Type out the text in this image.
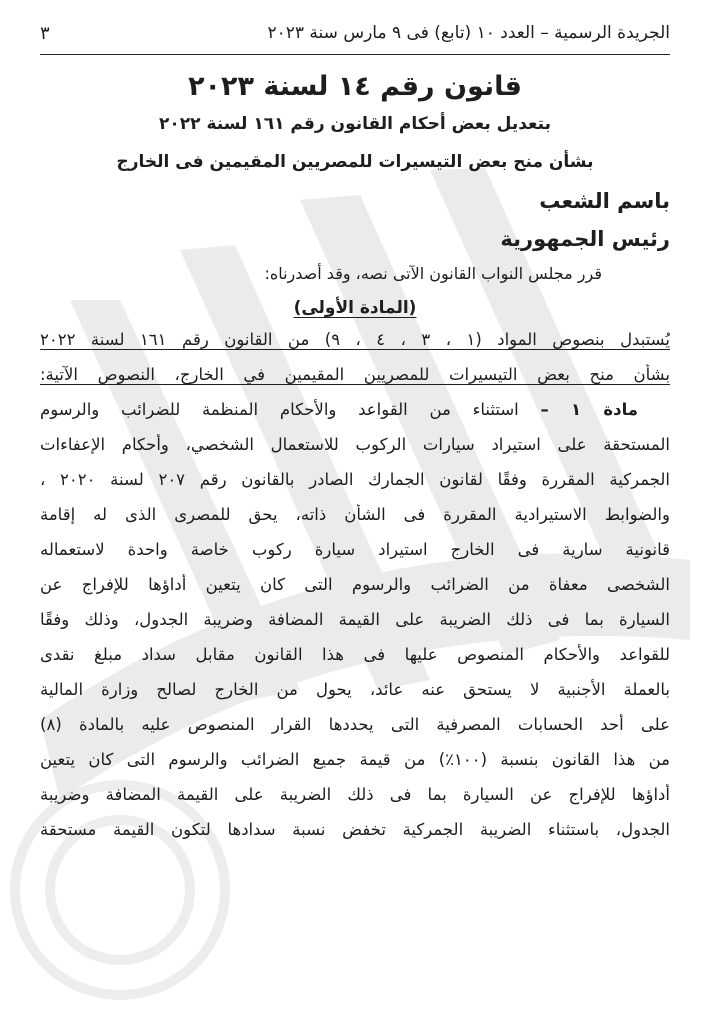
الجريدة الرسمية – العدد ١٠ (تابع) فى ٩ مارس سنة ٢٠٢٣
٣
قانون رقم ١٤ لسنة ٢٠٢٣
بتعديل بعض أحكام القانون رقم ١٦١ لسنة ٢٠٢٢
بشأن منح بعض التيسيرات للمصريين المقيمين فى الخارج
باسم الشعب
رئيس الجمهورية
قرر مجلس النواب القانون الآتى نصه، وقد أصدرناه:
(المادة الأولى)
يُستبدل بنصوص المواد (١ ، ٣ ، ٤ ، ٩) من القانون رقم ١٦١ لسنة ٢٠٢٢
بشأن منح بعض التيسيرات للمصريين المقيمين في الخارج، النصوص الآتية:
مادة ١ – استثناء من القواعد والأحكام المنظمة للضرائب والرسوم
المستحقة على استيراد سيارات الركوب للاستعمال الشخصي، وأحكام الإعفاءات
الجمركية المقررة وفقًا لقانون الجمارك الصادر بالقانون رقم ٢٠٧ لسنة ٢٠٢٠ ،
والضوابط الاستيرادية المقررة فى الشأن ذاته، يحق للمصرى الذى له إقامة
قانونية سارية فى الخارج استيراد سيارة ركوب خاصة واحدة لاستعماله
الشخصى معفاة من الضرائب والرسوم التى كان يتعين أداؤها للإفراج عن
السيارة بما فى ذلك الضريبة على القيمة المضافة وضريبة الجدول، وذلك وفقًا
للقواعد والأحكام المنصوص عليها فى هذا القانون مقابل سداد مبلغ نقدى
بالعملة الأجنبية لا يستحق عنه عائد، يحول من الخارج لصالح وزارة المالية
على أحد الحسابات المصرفية التى يحددها القرار المنصوص عليه بالمادة (٨)
من هذا القانون بنسبة (١٠٠٪) من قيمة جميع الضرائب والرسوم التى كان يتعين
أداؤها للإفراج عن السيارة بما فى ذلك الضريبة على القيمة المضافة وضريبة
الجدول، باستثناء الضريبة الجمركية تخفض نسبة سدادها لتكون القيمة مستحقة
